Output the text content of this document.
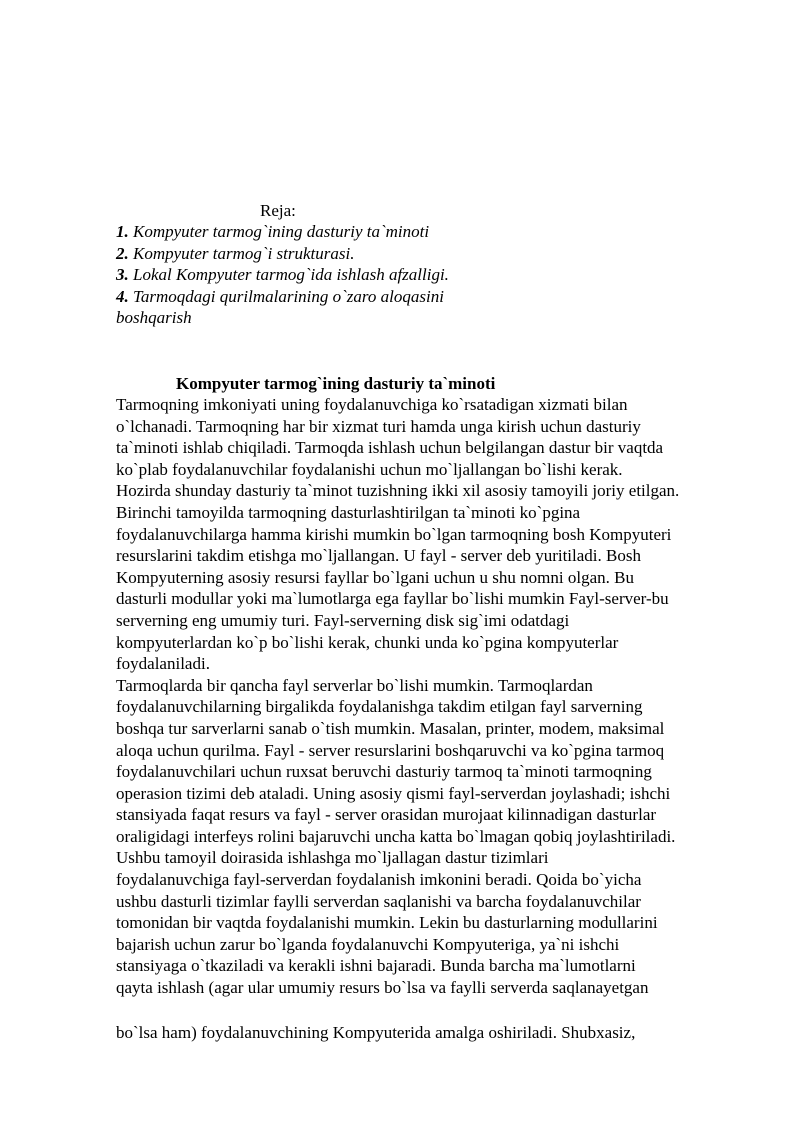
Reja:

1. Kompyuter tarmog`ining dasturiy ta`minoti

2. Kompyuter tarmog`i strukturasi.

3. Lokal Kompyuter tarmog`ida ishlash afzalligi.

4. Tarmoqdagi qurilmalarining o`zaro aloqasini boshqarish

Kompyuter tarmog`ining dasturiy ta`minoti
Tarmoqning imkoniyati uning foydalanuvchiga ko`rsatadigan xizmati bilan
o`lchanadi. Tarmoqning har bir xizmat turi hamda unga kirish uchun dasturiy
ta`minoti ishlab chiqiladi. Tarmoqda ishlash uchun belgilangan dastur bir vaqtda
ko`plab foydalanuvchilar foydalanishi uchun mo`ljallangan bo`lishi kerak.
Hozirda shunday dasturiy ta`minot tuzishning ikki xil asosiy tamoyili joriy etilgan.
Birinchi tamoyilda tarmoqning dasturlashtirilgan ta`minoti ko`pgina
foydalanuvchilarga hamma kirishi mumkin bo`lgan tarmoqning bosh Kompyuteri
resurslarini takdim etishga mo`ljallangan. U fayl - server deb yuritiladi. Bosh
Kompyuterning asosiy resursi fayllar bo`lgani uchun u shu nomni olgan. Bu
dasturli modullar yoki ma`lumotlarga ega fayllar bo`lishi mumkin Fayl-server-bu
serverning eng umumiy turi. Fayl-serverning disk sig`imi odatdagi
kompyuterlardan ko`p bo`lishi kerak, chunki unda ko`pgina kompyuterlar
foydalaniladi.
Tarmoqlarda bir qancha fayl serverlar bo`lishi mumkin. Tarmoqlardan
foydalanuvchilarning birgalikda foydalanishga takdim etilgan fayl sarverning
boshqa tur sarverlarni sanab o`tish mumkin. Masalan, printer, modem, maksimal
aloqa uchun qurilma. Fayl - server resurslarini boshqaruvchi va ko`pgina tarmoq
foydalanuvchilari uchun ruxsat beruvchi dasturiy tarmoq ta`minoti tarmoqning
operasion tizimi deb ataladi. Uning asosiy qismi fayl-serverdan joylashadi; ishchi
stansiyada faqat resurs va fayl - server orasidan murojaat kilinnadigan dasturlar
oraligidagi interfeys rolini bajaruvchi uncha katta bo`lmagan qobiq joylashtiriladi.
Ushbu tamoyil doirasida ishlashga mo`ljallagan dastur tizimlari
foydalanuvchiga fayl-serverdan foydalanish imkonini beradi. Qoida bo`yicha
ushbu dasturli tizimlar faylli serverdan saqlanishi va barcha foydalanuvchilar
tomonidan bir vaqtda foydalanishi mumkin. Lekin bu dasturlarning modullarini
bajarish uchun zarur bo`lganda foydalanuvchi Kompyuteriga, ya`ni ishchi
stansiyaga o`tkaziladi va kerakli ishni bajaradi. Bunda barcha ma`lumotlarni
qayta ishlash (agar ular umumiy resurs bo`lsa va faylli serverda saqlanayetgan
bo`lsa ham) foydalanuvchining Kompyuterida amalga oshiriladi. Shubxasiz,
